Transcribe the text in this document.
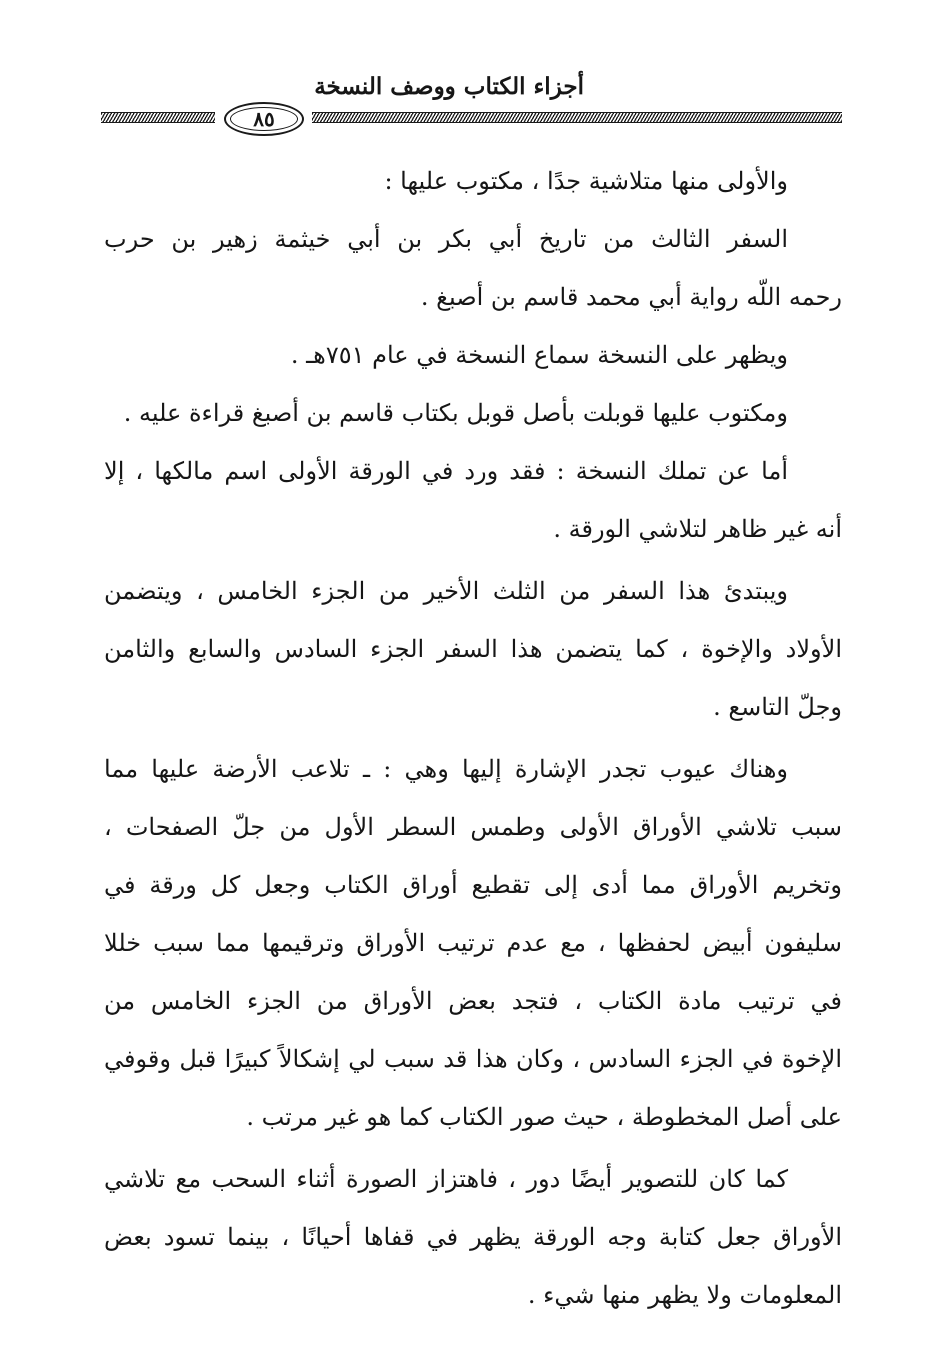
أجزاء الكتاب ووصف النسخة
٨٥
والأولى منها متلاشية جدًا ، مكتوب عليها :
السفر الثالث من تاريخ أبي بكر بن أبي خيثمة زهير بن حرب
رحمه اللّه رواية أبي محمد قاسم بن أصبغ .
ويظهر على النسخة سماع النسخة في عام ٧٥١هـ .
ومكتوب عليها قوبلت بأصل قوبل بكتاب قاسم بن أصبغ قراءة عليه .
أما عن تملك النسخة : فقد ورد في الورقة الأولى اسم مالكها ، إلا
أنه غير ظاهر لتلاشي الورقة .
ويبتدئ هذا السفر من الثلث الأخير من الجزء الخامس ، ويتضمن
الأولاد والإخوة ، كما يتضمن هذا السفر الجزء السادس والسابع والثامن
وجلّ التاسع .
وهناك عيوب تجدر الإشارة إليها وهي : ـ تلاعب الأرضة عليها مما
سبب تلاشي الأوراق الأولى وطمس السطر الأول من جلّ الصفحات ،
وتخريم الأوراق مما أدى إلى تقطيع أوراق الكتاب وجعل كل ورقة في
سليفون أبيض لحفظها ، مع عدم ترتيب الأوراق وترقيمها مما سبب خللا
في ترتيب مادة الكتاب ، فتجد بعض الأوراق من الجزء الخامس من
الإخوة في الجزء السادس ، وكان هذا قد سبب لي إشكالاً كبيرًا قبل وقوفي
على أصل المخطوطة ، حيث صور الكتاب كما هو غير مرتب .
كما كان للتصوير أيضًا دور ، فاهتزاز الصورة أثناء السحب مع تلاشي
الأوراق جعل كتابة وجه الورقة يظهر في قفاها أحيانًا ، بينما تسود بعض
المعلومات ولا يظهر منها شيء .
